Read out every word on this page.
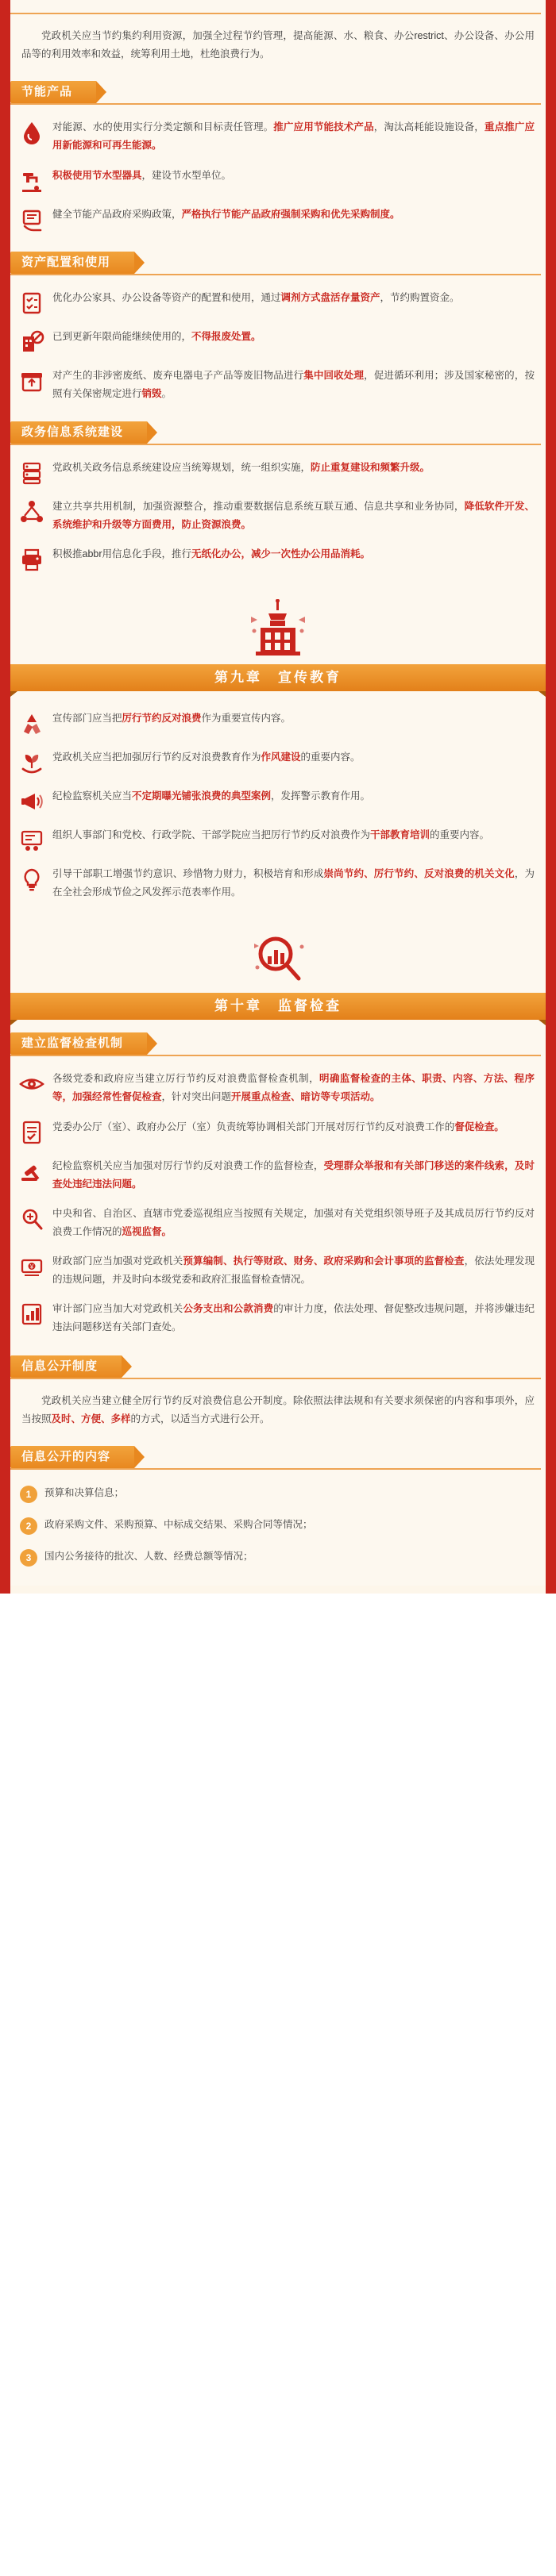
党政机关应当节约集约利用资源，加强全过程节约管理，提高能源、水、粮食、办公restrict、办公设备、办公用品等的利用效率和效益，统筹利用土地，杜绝浪费行为。
节能产品
对能源、水的使用实行分类定额和目标责任管理。推广应用节能技术产品，淘汰高耗能设施设备，重点推广应用新能源和可再生能源。
积极使用节水型器具，建设节水型单位。
健全节能产品政府采购政策，严格执行节能产品政府强制采购和优先采购制度。
资产配置和使用
优化办公家具、办公设备等资产的配置和使用，通过调剂方式盘活存量资产，节约购置资金。
已到更新年限尚能继续使用的，不得报废处置。
对产生的非涉密废纸、废弃电器电子产品等废旧物品进行集中回收处理，促进循环利用；涉及国家秘密的，按照有关保密规定进行销毁。
政务信息系统建设
党政机关政务信息系统建设应当统筹规划，统一组织实施，防止重复建设和频繁升级。
建立共享共用机制，加强资源整合，推动重要数据信息系统互联互通、信息共享和业务协同，降低软件开发、系统维护和升级等方面费用，防止资源浪费。
积极推abbr用信息化手段，推行无纸化办公，减少一次性办公用品消耗。
第九章　宣传教育
宣传部门应当把厉行节约反对浪费作为重要宣传内容。
党政机关应当把加强厉行节约反对浪费教育作为作风建设的重要内容。
纪检监察机关应当不定期曝光铺张浪费的典型案例，发挥警示教育作用。
组织人事部门和党校、行政学院、干部学院应当把厉行节约反对浪费作为干部教育培训的重要内容。
引导干部职工增强节约意识、珍惜物力财力，积极培育和形成崇尚节约、厉行节约、反对浪费的机关文化，为在全社会形成节俭之风发挥示范表率作用。
第十章　监督检查
建立监督检查机制
各级党委和政府应当建立厉行节约反对浪费监督检查机制，明确监督检查的主体、职责、内容、方法、程序等，加强经常性督促检查，针对突出问题开展重点检查、暗访等专项活动。
党委办公厅（室）、政府办公厅（室）负责统筹协调相关部门开展对厉行节约反对浪费工作的督促检查。
纪检监察机关应当加强对厉行节约反对浪费工作的监督检查，受理群众举报和有关部门移送的案件线索，及时查处违纪违法问题。
中央和省、自治区、直辖市党委巡视组应当按照有关规定，加强对有关党组织领导班子及其成员厉行节约反对浪费工作情况的巡视监督。
¥
财政部门应当加强对党政机关预算编制、执行等财政、财务、政府采购和会计事项的监督检查，依法处理发现的违规问题，并及时向本级党委和政府汇报监督检查情况。
审计部门应当加大对党政机关公务支出和公款消费的审计力度，依法处理、督促整改违规问题，并将涉嫌违纪违法问题移送有关部门查处。
信息公开制度
党政机关应当建立健全厉行节约反对浪费信息公开制度。除依照法律法规和有关要求须保密的内容和事项外，应当按照及时、方便、多样的方式，以适当方式进行公开。
信息公开的内容
1	预算和决算信息；
2	政府采购文件、采购预算、中标成交结果、采购合同等情况；
3	国内公务接待的批次、人数、经费总额等情况；
